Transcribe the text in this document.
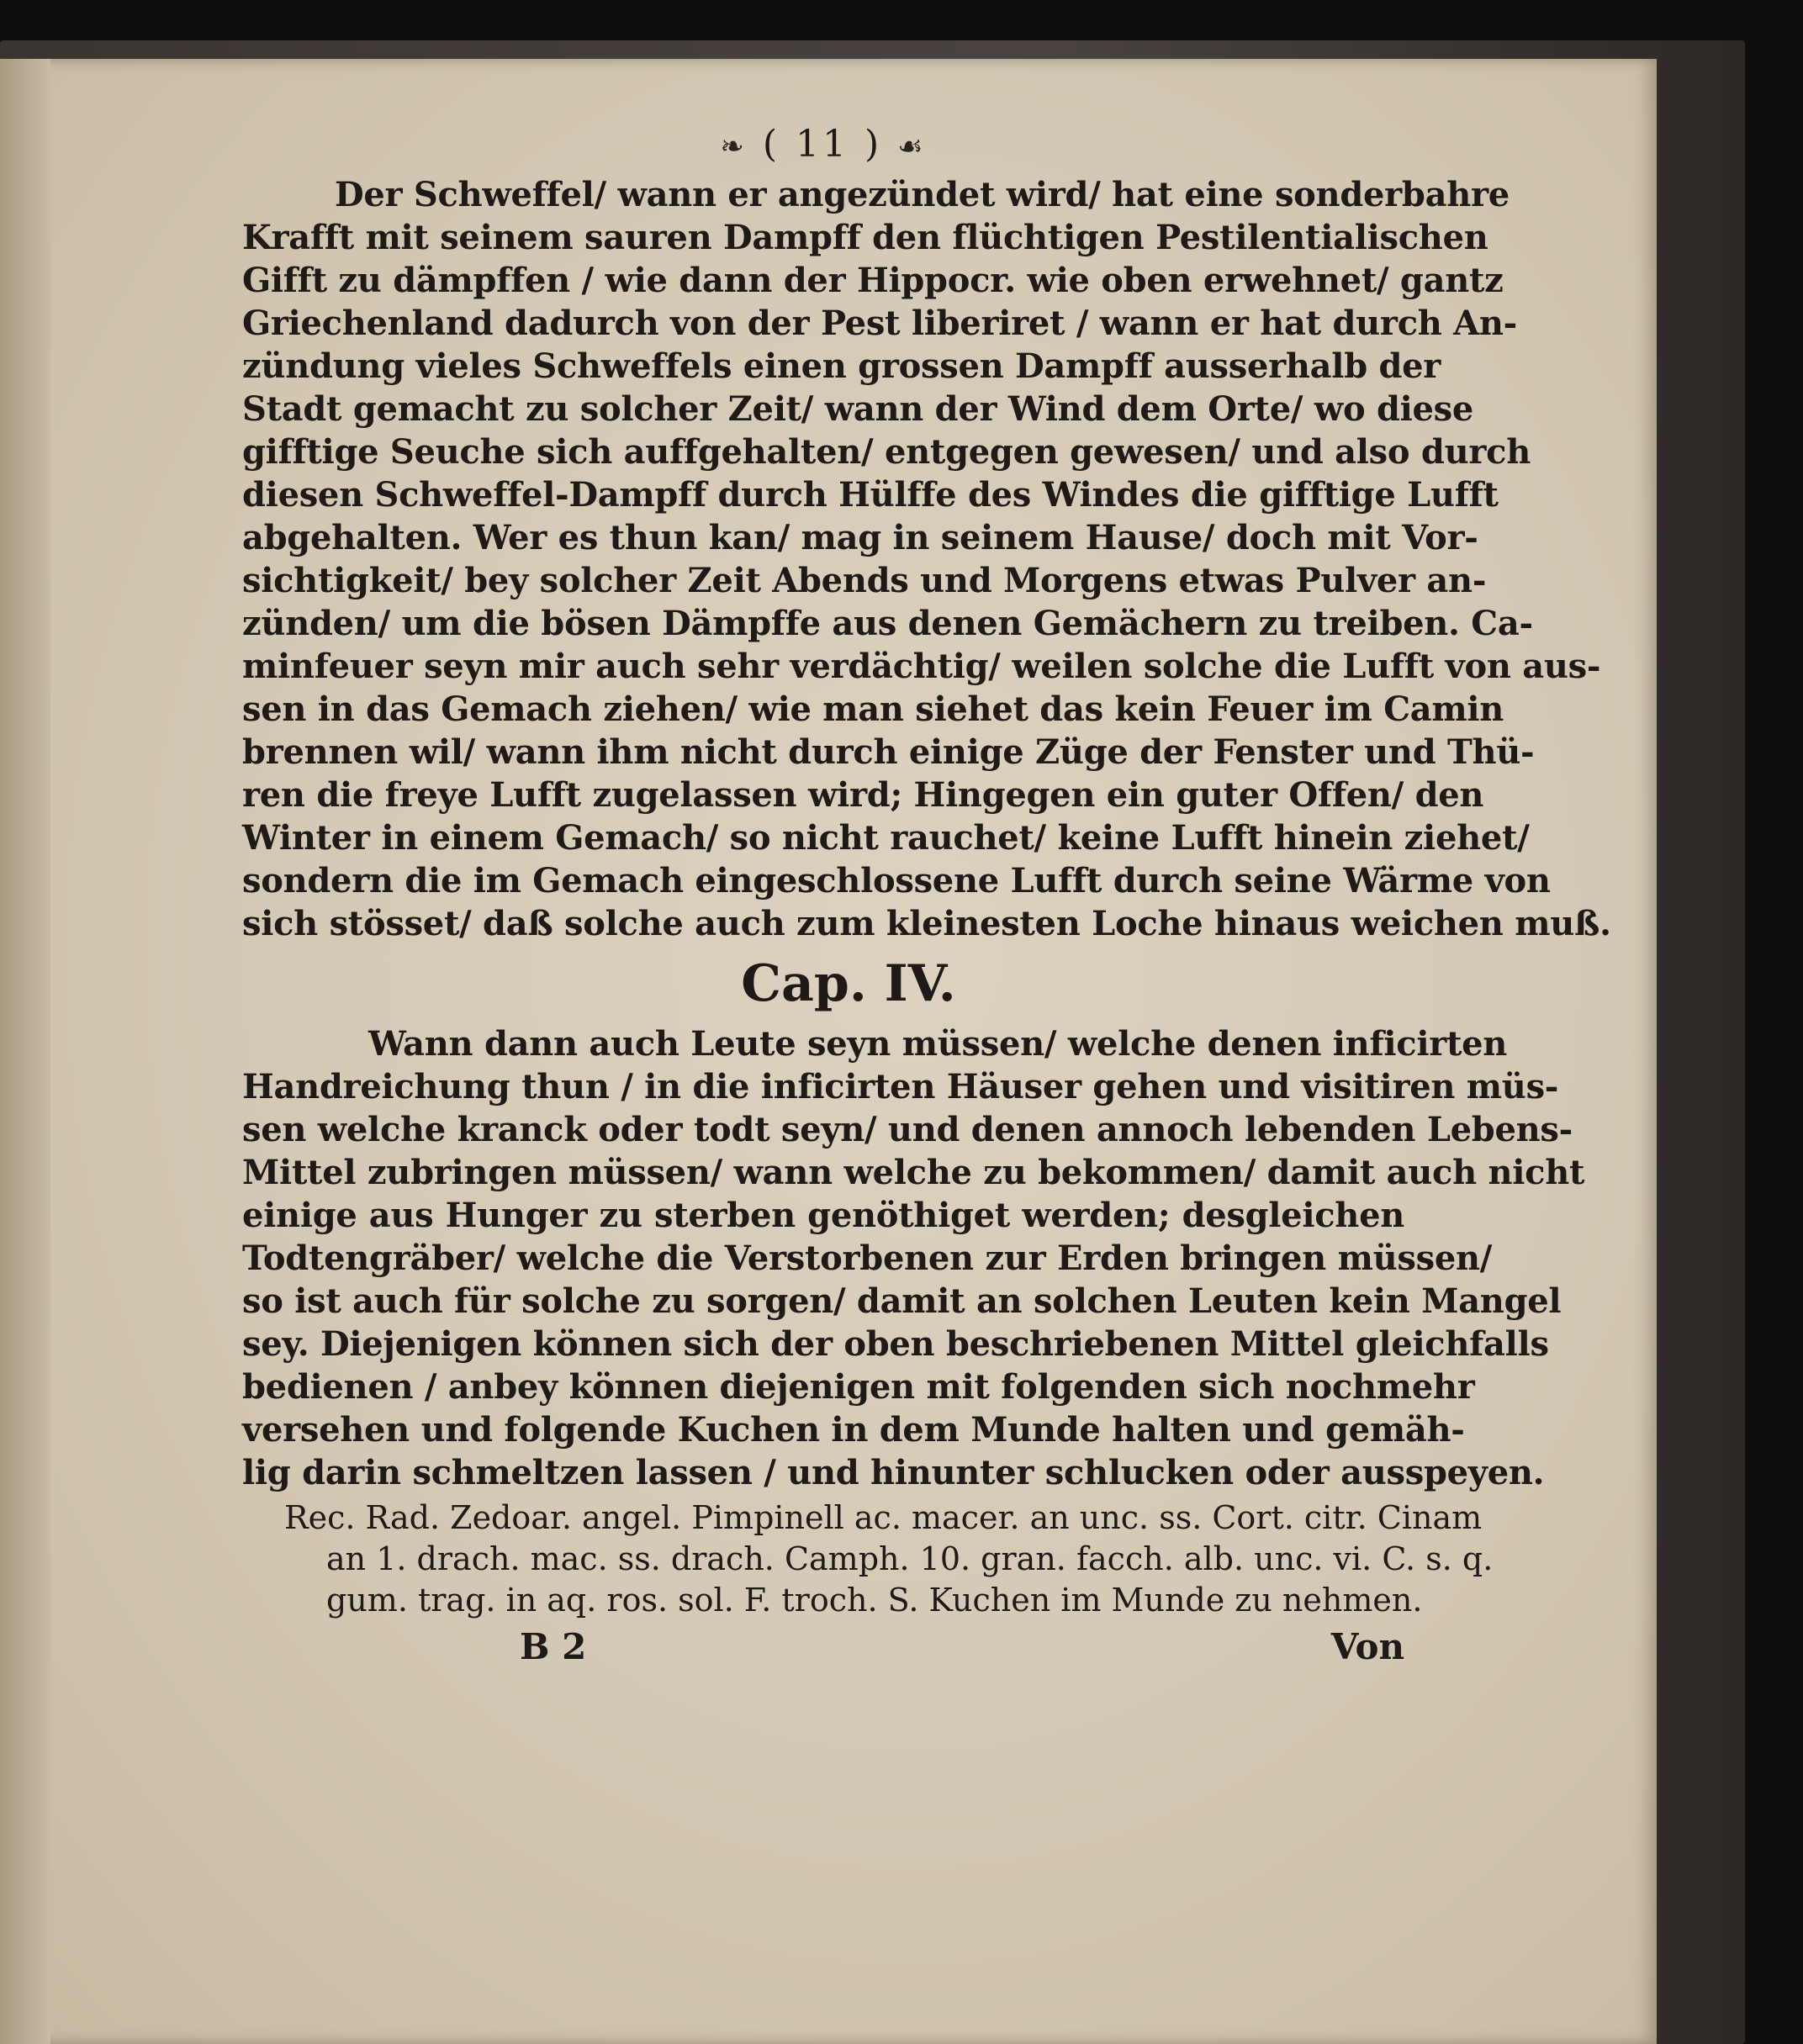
❧ ( 11 ) ☙
Der Schweffel/ wann er angezündet wird/ hat eine sonderbahre
Krafft mit seinem sauren Dampff den flüchtigen Pestilentialischen
Gifft zu dämpffen / wie dann der Hippocr. wie oben erwehnet/ gantz
Griechenland dadurch von der Pest liberiret / wann er hat durch An-
zündung vieles Schweffels einen grossen Dampff ausserhalb der
Stadt gemacht zu solcher Zeit/ wann der Wind dem Orte/ wo diese
gifftige Seuche sich auffgehalten/ entgegen gewesen/ und also durch
diesen Schweffel-Dampff durch Hülffe des Windes die gifftige Lufft
abgehalten. Wer es thun kan/ mag in seinem Hause/ doch mit Vor-
sichtigkeit/ bey solcher Zeit Abends und Morgens etwas Pulver an-
zünden/ um die bösen Dämpffe aus denen Gemächern zu treiben. Ca-
minfeuer seyn mir auch sehr verdächtig/ weilen solche die Lufft von aus-
sen in das Gemach ziehen/ wie man siehet das kein Feuer im Camin
brennen wil/ wann ihm nicht durch einige Züge der Fenster und Thü-
ren die freye Lufft zugelassen wird; Hingegen ein guter Offen/ den
Winter in einem Gemach/ so nicht rauchet/ keine Lufft hinein ziehet/
sondern die im Gemach eingeschlossene Lufft durch seine Wärme von
sich stösset/ daß solche auch zum kleinesten Loche hinaus weichen muß.
Cap. IV.
Wann dann auch Leute seyn müssen/ welche denen inficirten
Handreichung thun / in die inficirten Häuser gehen und visitiren müs-
sen welche kranck oder todt seyn/ und denen annoch lebenden Lebens-
Mittel zubringen müssen/ wann welche zu bekommen/ damit auch nicht
einige aus Hunger zu sterben genöthiget werden; desgleichen
Todtengräber/ welche die Verstorbenen zur Erden bringen müssen/
so ist auch für solche zu sorgen/ damit an solchen Leuten kein Mangel
sey. Diejenigen können sich der oben beschriebenen Mittel gleichfalls
bedienen / anbey können diejenigen mit folgenden sich nochmehr
versehen und folgende Kuchen in dem Munde halten und gemäh-
lig darin schmeltzen lassen / und hinunter schlucken oder ausspeyen.
Rec. Rad. Zedoar. angel. Pimpinell ac. macer. an unc. ss. Cort. citr. Cinam
an 1. drach. mac. ss. drach. Camph. 10. gran. facch. alb. unc. vi. C. s. q.
gum. trag. in aq. ros. sol. F. troch. S. Kuchen im Munde zu nehmen.
B 2	Von
